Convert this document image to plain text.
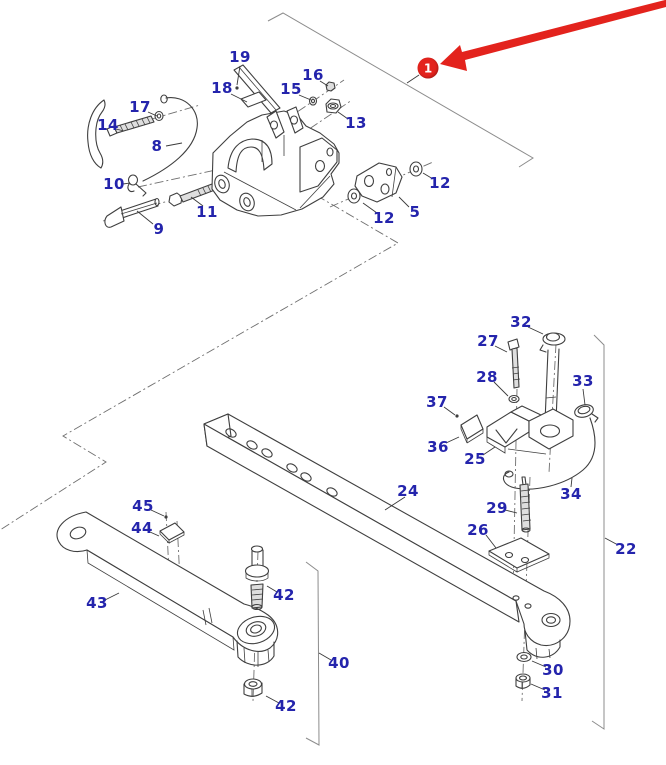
19
18
16
15
13
17
14
8
10
11
9
12
5
12
32
27
28	33
37
36
25
24	34
29
26
22
45
44
42
43
40	30
31
42
1
